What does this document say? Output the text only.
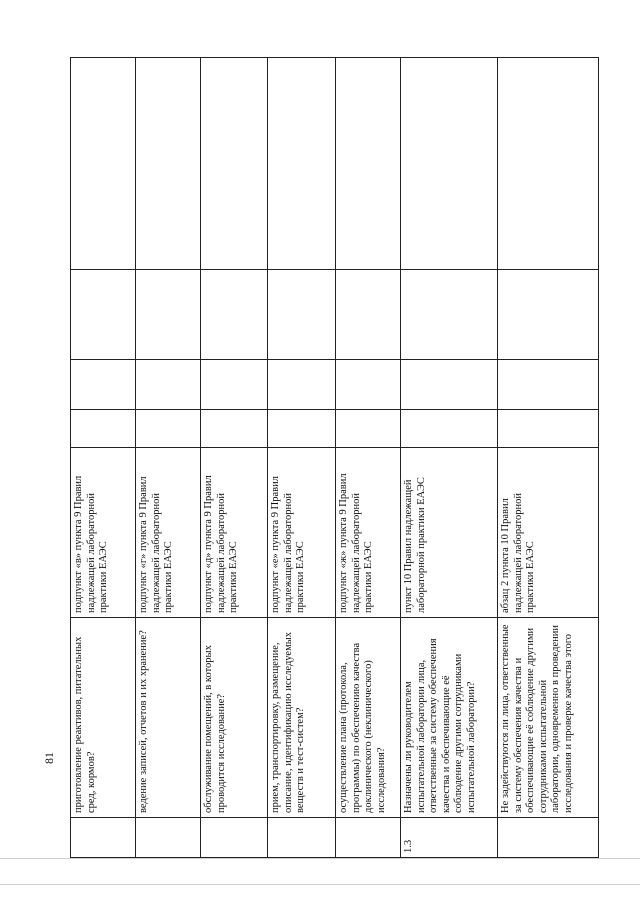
81
	приготовление реактивов, питательных сред, кормов?	подпункт «в» пункта 9 Правил надлежащей лабораторной практики ЕАЭС				
	ведение записей, отчетов и их хранение?	подпункт «г» пункта 9 Правил надлежащей лабораторной практики ЕАЭС				
	обслуживание помещений, в которых проводится исследование?	подпункт «д» пункта 9 Правил надлежащей лабораторной практики ЕАЭС				
	прием, транспортировку, размещение, описание, идентификацию исследуемых веществ и тест-систем?	подпункт «е» пункта 9 Правил надлежащей лабораторной практики ЕАЭС				
	осуществление плана (протокола, программы) по обеспечению качества доклинического (неклинического) исследования?	подпункт «ж» пункта 9 Правил надлежащей лабораторной практики ЕАЭС				
1.3	Назначены ли руководителем испытательной лаборатории лица, ответственные за систему обеспечения качества и обеспечивающие её соблюдение другими сотрудниками испытательной лаборатории?	пункт 10 Правил надлежащей лабораторной практики ЕАЭС				
	Не задействуются ли лица, ответственные за систему обеспечения качества и обеспечивающие её соблюдение другими сотрудниками испытательной лаборатории, одновременно в проведении исследования и проверке качества этого	абзац 2 пункта 10 Правил надлежащей лабораторной практики ЕАЭС				
